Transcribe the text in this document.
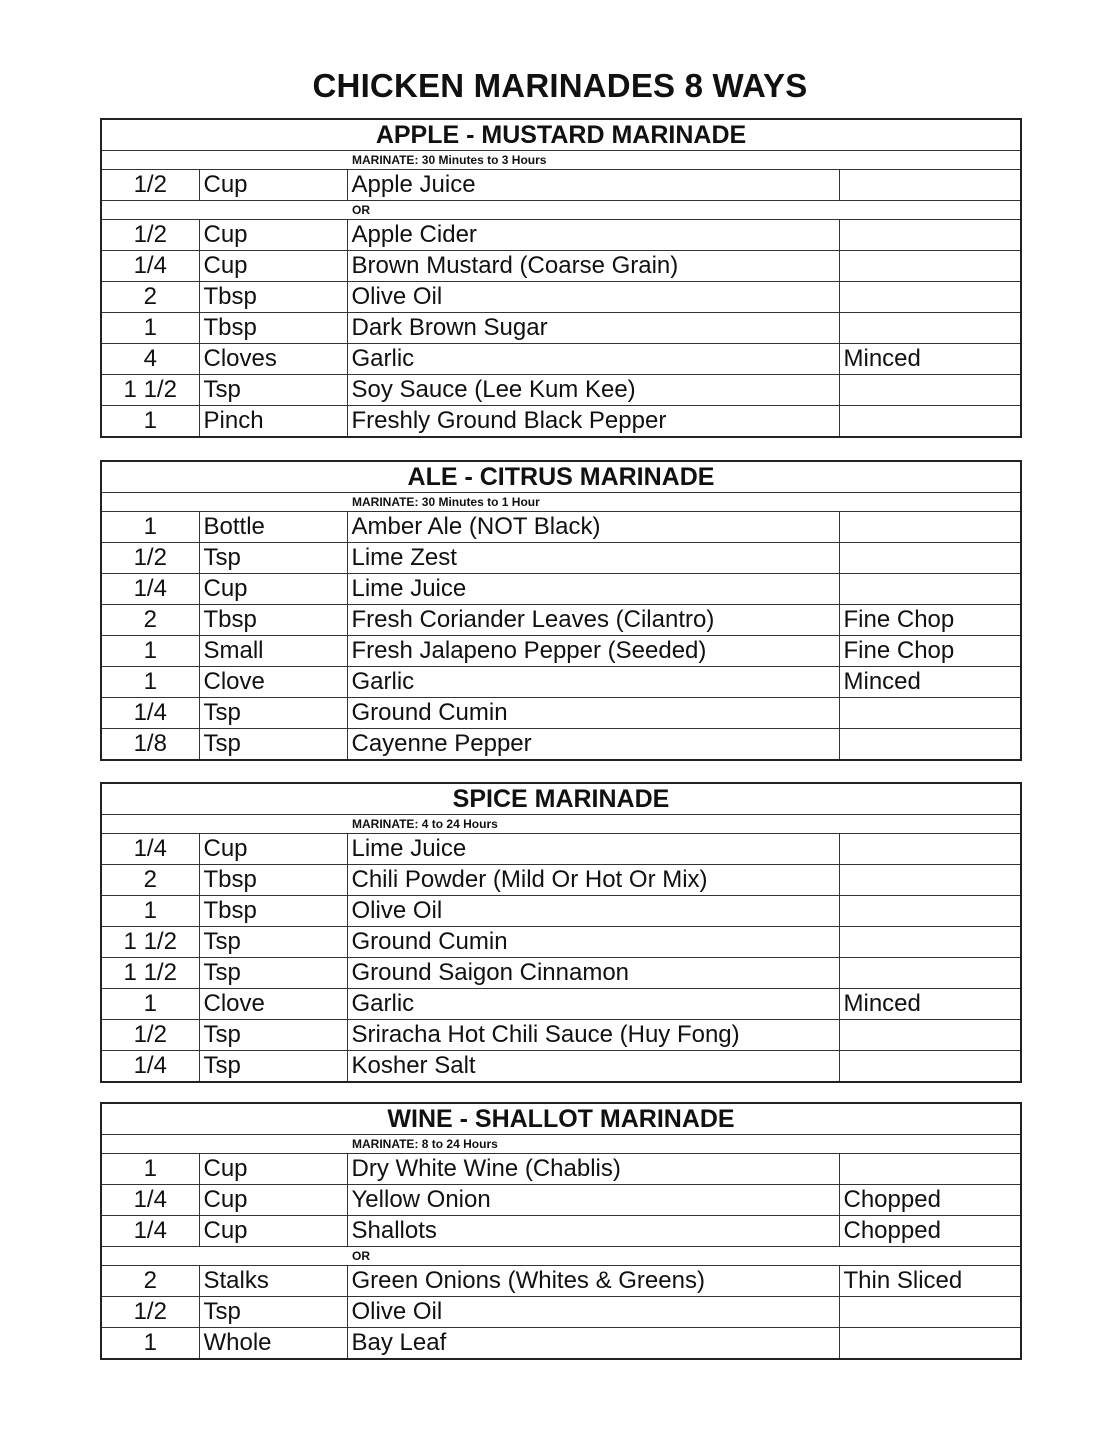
CHICKEN MARINADES 8 WAYS
APPLE - MUSTARD MARINADE			
MARINATE: 30 Minutes to 3 Hours			
1/2	Cup	Apple Juice	
OR			
1/2	Cup	Apple Cider	
1/4	Cup	Brown Mustard (Coarse Grain)	
2	Tbsp	Olive Oil	
1	Tbsp	Dark Brown Sugar	
4	Cloves	Garlic	Minced
1 1/2	Tsp	Soy Sauce (Lee Kum Kee)	
1	Pinch	Freshly Ground Black Pepper	
ALE - CITRUS MARINADE			
MARINATE: 30 Minutes to 1 Hour			
1	Bottle	Amber Ale (NOT Black)	
1/2	Tsp	Lime Zest	
1/4	Cup	Lime Juice	
2	Tbsp	Fresh Coriander Leaves (Cilantro)	Fine Chop
1	Small	Fresh Jalapeno Pepper (Seeded)	Fine Chop
1	Clove	Garlic	Minced
1/4	Tsp	Ground Cumin	
1/8	Tsp	Cayenne Pepper	
SPICE MARINADE			
MARINATE: 4 to 24 Hours			
1/4	Cup	Lime Juice	
2	Tbsp	Chili Powder (Mild Or Hot Or Mix)	
1	Tbsp	Olive Oil	
1 1/2	Tsp	Ground Cumin	
1 1/2	Tsp	Ground Saigon Cinnamon	
1	Clove	Garlic	Minced
1/2	Tsp	Sriracha Hot Chili Sauce (Huy Fong)	
1/4	Tsp	Kosher Salt	
WINE - SHALLOT MARINADE			
MARINATE: 8 to 24 Hours			
1	Cup	Dry White Wine (Chablis)	
1/4	Cup	Yellow Onion	Chopped
1/4	Cup	Shallots	Chopped
OR			
2	Stalks	Green Onions (Whites & Greens)	Thin Sliced
1/2	Tsp	Olive Oil	
1	Whole	Bay Leaf	
